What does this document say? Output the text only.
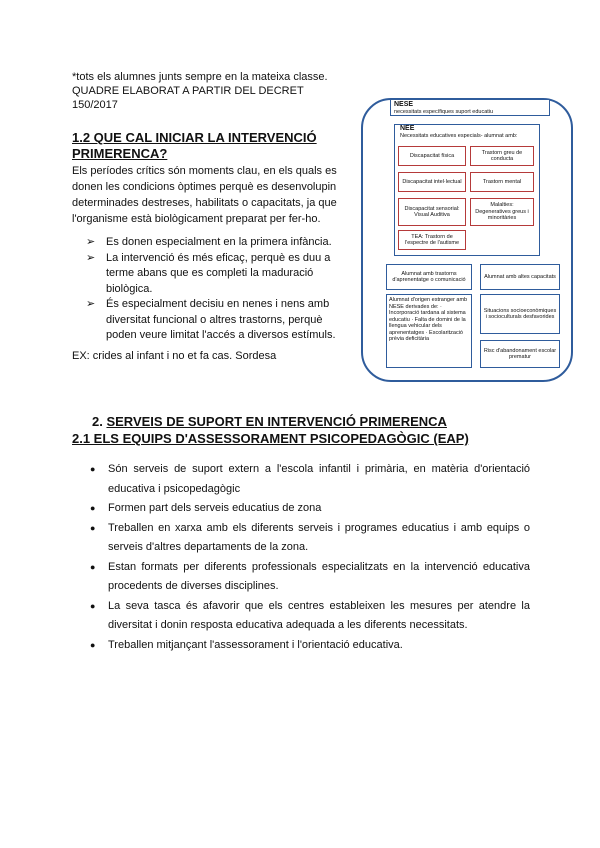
*tots els alumnes junts sempre en la mateixa classe.
QUADRE ELABORAT A PARTIR DEL DECRET
150/2017
1.2 QUE CAL INICIAR LA INTERVENCIÓ
PRIMERENCA?
Els períodes crítics són moments clau, en els quals es donen les condicions òptimes perquè es desenvolupin determinades destreses, habilitats o capacitats, ja que l'organisme està biològicament preparat per fer-ho.
➢ Es donen especialment en la primera infància.
➢ La intervenció és més eficaç, perquè es duu a terme abans que es completi la maduració biològica.
➢ És especialment decisiu en nenes i nens amb diversitat funcional o altres trastorns, perquè poden veure limitat l'accés a diversos estímuls.
EX: crides al infant i no et fa cas. Sordesa
NESE
necessitats específiques suport educatiu
NEE
Necessitats educatives especials- alumnat amb:
Discapacitat física
Trastorn greu de conducta
Discapacitat intel·lectual	Trastorn mental
Discapacitat sensorial: Visual Auditiva
Malalties: Degeneratives greus i minoritàries
TEA: Trastorn de l'espectre de l'autisme
Alumnat amb trastorns d'aprenentatge o comunicació
Alumnat amb altes capacitats
Alumnat d'origen estranger amb NESE derivades de: · Incorporació tardana al sistema educatiu · Falta de domini de la llengua vehicular dels aprenentatges · Escolarització prèvia deficitària
Situacions socioeconòmiques i socioculturals desfavorides
Risc d'abandonament escolar prematur
2. SERVEIS DE SUPORT EN INTERVENCIÓ PRIMERENCA
2.1 ELS EQUIPS D'ASSESSORAMENT PSICOPEDAGÒGIC (EAP)
● Són serveis de suport extern a l'escola infantil i primària, en matèria d'orientació educativa i psicopedagògic
● Formen part dels serveis educatius de zona
● Treballen en xarxa amb els diferents serveis i programes educatius i amb equips o serveis d'altres departaments de la zona.
● Estan formats per diferents professionals especialitzats en la intervenció educativa procedents de diverses disciplines.
● La seva tasca és afavorir que els centres estableixen les mesures per atendre la diversitat i donin resposta educativa adequada a les diferents necessitats.
● Treballen mitjançant l'assessorament i l'orientació educativa.
